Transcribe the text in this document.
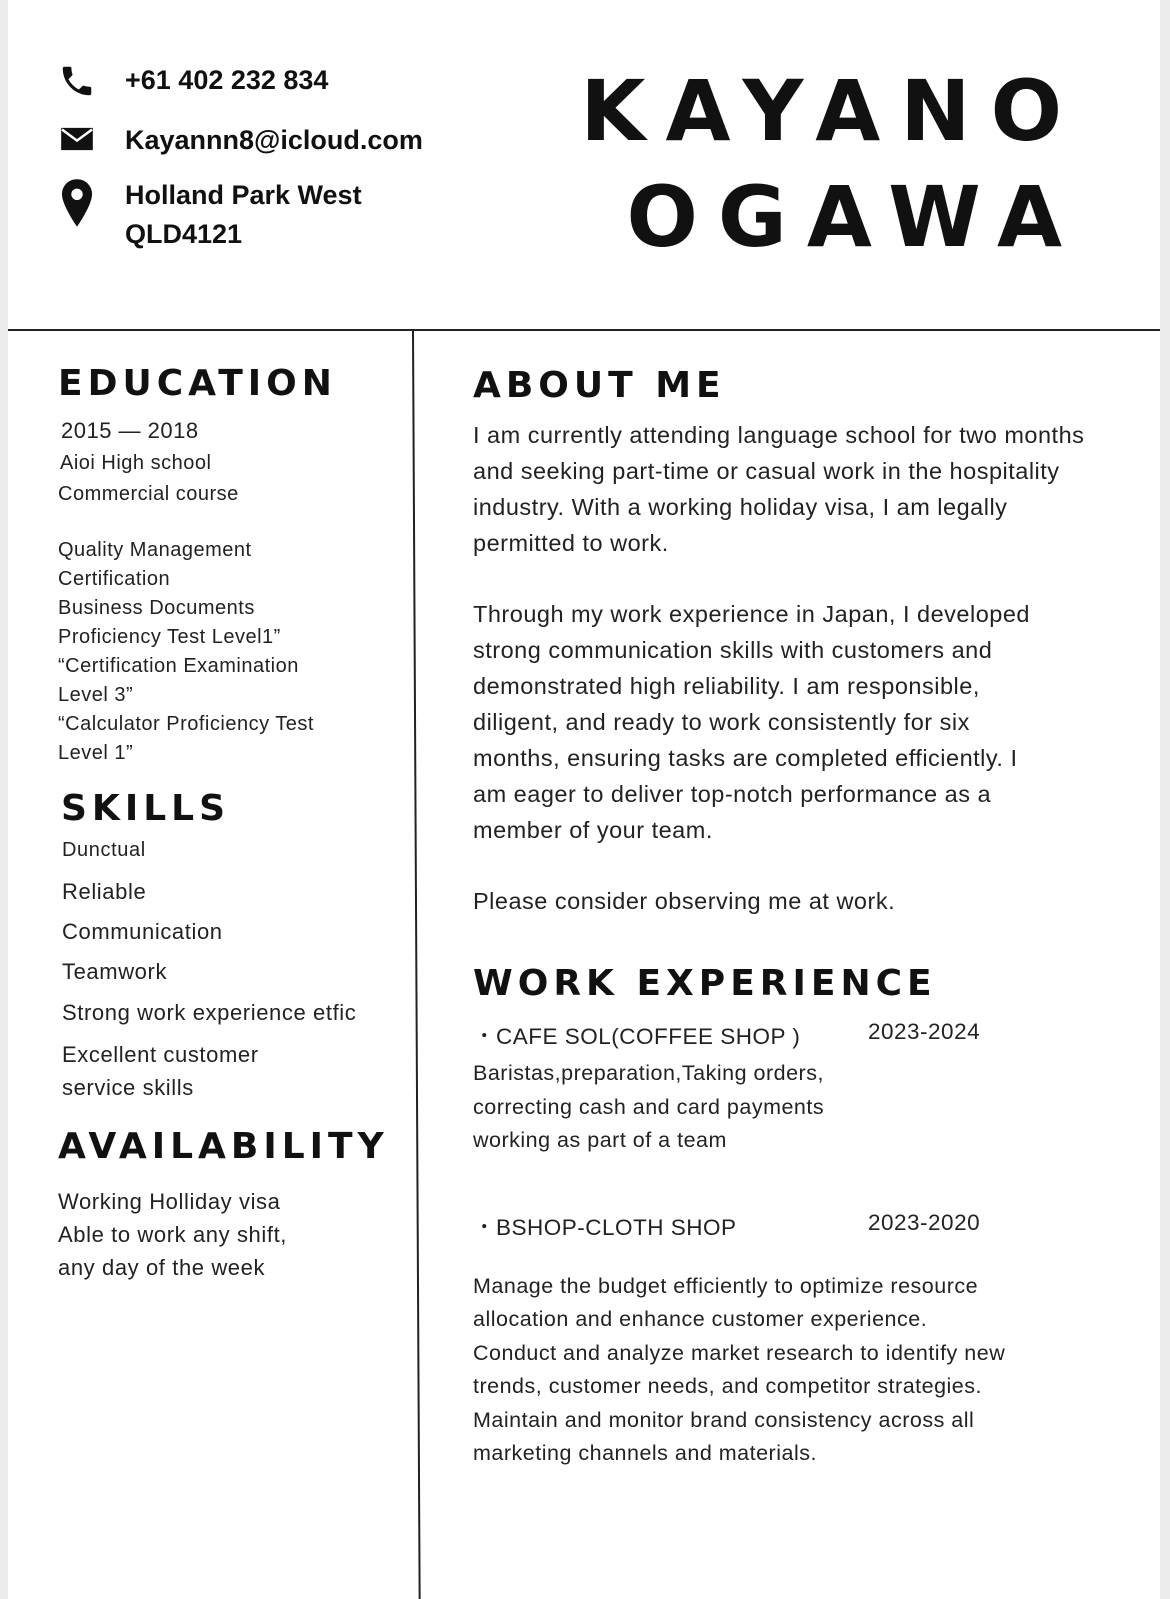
+61 402 232 834
Kayannn8@icloud.com
Holland Park West
QLD4121
KAYANO
OGAWA
EDUCATION
2015 — 2018
Aioi High school
Commercial course
Quality Management
Certification
Business Documents
Proficiency Test Level1”
“Certification Examination
Level 3”
“Calculator Proficiency Test
Level 1”
SKILLS
Dunctual
Reliable
Communication
Teamwork
Strong work experience etfic
Excellent customer
service skills
AVAILABILITY
Working Holliday visa
Able to work any shift,
any day of the week
ABOUT ME
I am currently attending language school for two months and seeking part-time or casual work in the hospitality industry. With a working holiday visa, I am legally permitted to work.
Through my work experience in Japan, I developed strong communication skills with customers and demonstrated high reliability. I am responsible, diligent, and ready to work consistently for six months, ensuring tasks are completed efficiently. I am eager to deliver top-notch performance as a member of your team.
Please consider observing me at work.
WORK EXPERIENCE
・CAFE SOL(COFFEE SHOP )	2023-2024
Baristas,preparation,Taking orders,
correcting cash and card payments
working as part of a team
・BSHOP-CLOTH SHOP	2023-2020
Manage the budget efficiently to optimize resource
allocation and enhance customer experience.
Conduct and analyze market research to identify new
trends, customer needs, and competitor strategies.
Maintain and monitor brand consistency across all
marketing channels and materials.
